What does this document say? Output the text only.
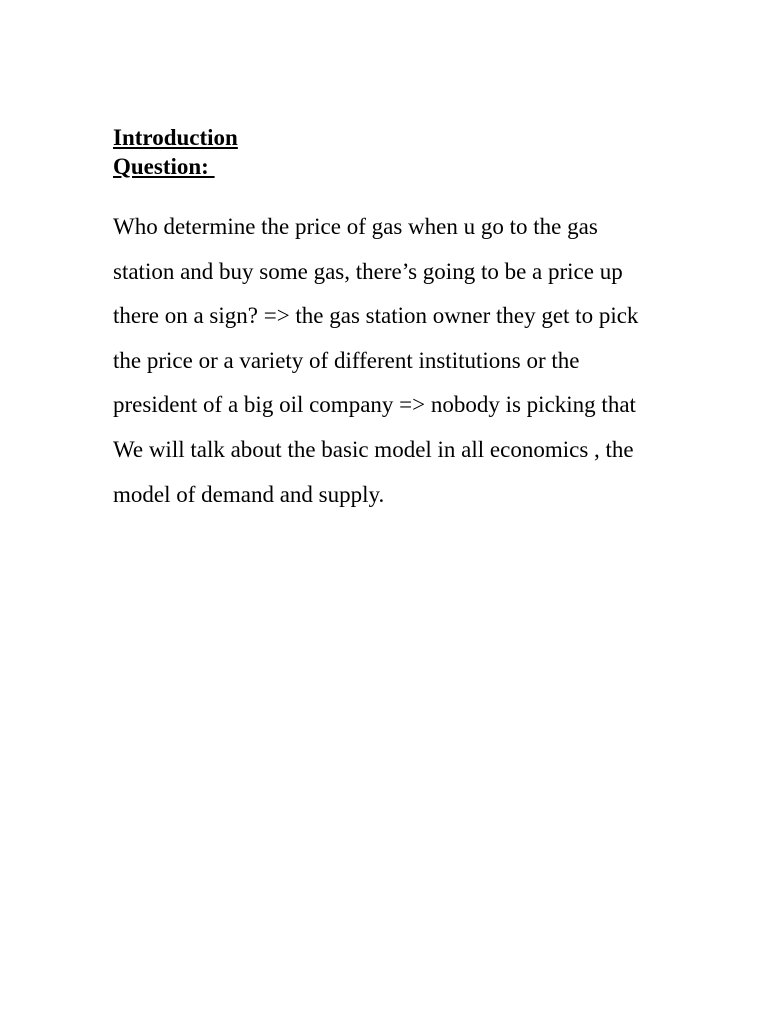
Introduction

Question:

Who determine the price of gas when u go to the gas station and buy some gas, there’s going to be a price up there on a sign? => the gas station owner they get to pick the price or a variety of different institutions or the president of a big oil company => nobody is picking that

We will talk about the basic model in all economics , the model of demand and supply.
